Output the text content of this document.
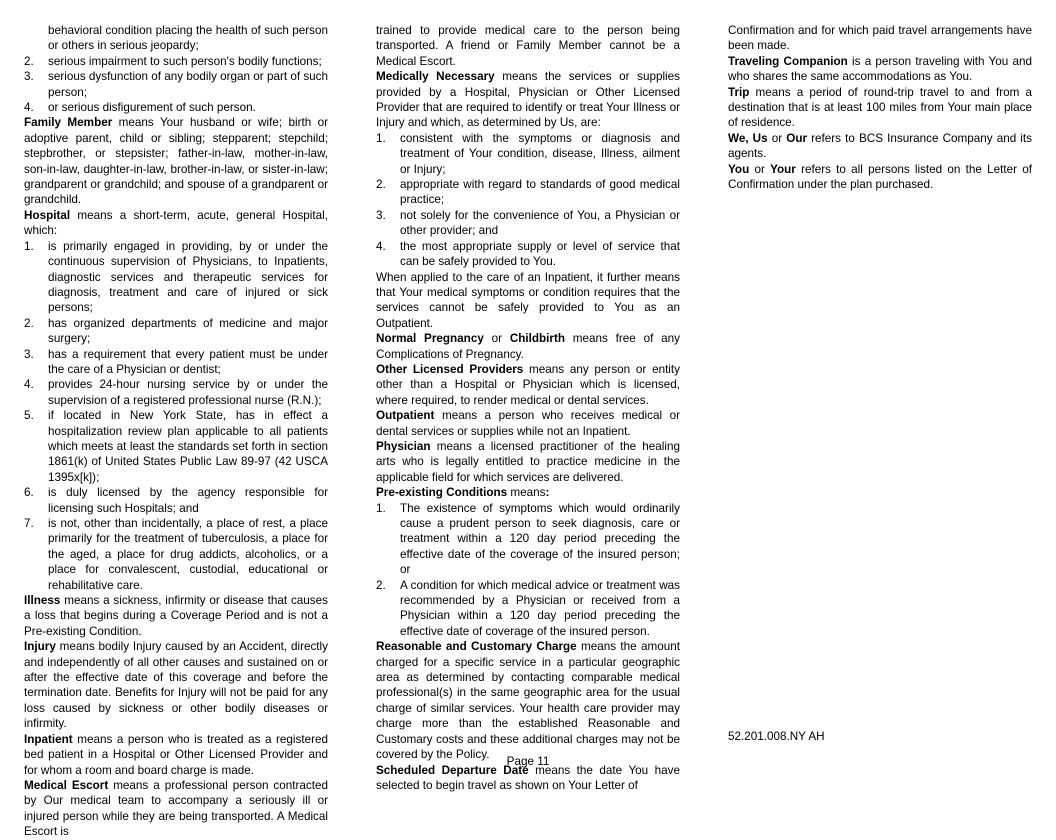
behavioral condition placing the health of such person or others in serious jeopardy;

2.	serious impairment to such person's bodily functions;
3.	serious dysfunction of any bodily organ or part of such person;
4.	or serious disfigurement of such person.

Family Member means Your husband or wife; birth or adoptive parent, child or sibling; stepparent; stepchild; stepbrother, or stepsister; father-in-law, mother-in-law, son-in-law, daughter-in-law, brother-in-law, or sister-in-law; grandparent or grandchild; and spouse of a grandparent or grandchild.

Hospital means a short-term, acute, general Hospital, which:

1.	is primarily engaged in providing, by or under the continuous supervision of Physicians, to Inpatients, diagnostic services and therapeutic services for diagnosis, treatment and care of injured or sick persons;
2.	has organized departments of medicine and major surgery;
3.	has a requirement that every patient must be under the care of a Physician or dentist;
4.	provides 24-hour nursing service by or under the supervision of a registered professional nurse (R.N.);
5.	if located in New York State, has in effect a hospitalization review plan applicable to all patients which meets at least the standards set forth in section 1861(k) of United States Public Law 89-97 (42 USCA 1395x[k]);
6.	is duly licensed by the agency responsible for licensing such Hospitals; and
7.	is not, other than incidentally, a place of rest, a place primarily for the treatment of tuberculosis, a place for the aged, a place for drug addicts, alcoholics, or a place for convalescent, custodial, educational or rehabilitative care.

Illness means a sickness, infirmity or disease that causes a loss that begins during a Coverage Period and is not a Pre-existing Condition.

Injury means bodily Injury caused by an Accident, directly and independently of all other causes and sustained on or after the effective date of this coverage and before the termination date. Benefits for Injury will not be paid for any loss caused by sickness or other bodily diseases or infirmity.

Inpatient means a person who is treated as a registered bed patient in a Hospital or Other Licensed Provider and for whom a room and board charge is made.

Medical Escort means a professional person contracted by Our medical team to accompany a seriously ill or injured person while they are being transported. A Medical Escort is

trained to provide medical care to the person being transported. A friend or Family Member cannot be a Medical Escort.

Medically Necessary means the services or supplies provided by a Hospital, Physician or Other Licensed Provider that are required to identify or treat Your Illness or Injury and which, as determined by Us, are:

1.	consistent with the symptoms or diagnosis and treatment of Your condition, disease, Illness, ailment or Injury;
2.	appropriate with regard to standards of good medical practice;
3.	not solely for the convenience of You, a Physician or other provider; and
4.	the most appropriate supply or level of service that can be safely provided to You.

When applied to the care of an Inpatient, it further means that Your medical symptoms or condition requires that the services cannot be safely provided to You as an Outpatient.

Normal Pregnancy or Childbirth means free of any Complications of Pregnancy.

Other Licensed Providers means any person or entity other than a Hospital or Physician which is licensed, where required, to render medical or dental services.

Outpatient means a person who receives medical or dental services or supplies while not an Inpatient.

Physician means a licensed practitioner of the healing arts who is legally entitled to practice medicine in the applicable field for which services are delivered.

Pre-existing Conditions means:

1.	The existence of symptoms which would ordinarily cause a prudent person to seek diagnosis, care or treatment within a 120 day period preceding the effective date of the coverage of the insured person; or
2.	A condition for which medical advice or treatment was recommended by a Physician or received from a Physician within a 120 day period preceding the effective date of coverage of the insured person.

Reasonable and Customary Charge means the amount charged for a specific service in a particular geographic area as determined by contacting comparable medical professional(s) in the same geographic area for the usual charge of similar services. Your health care provider may charge more than the established Reasonable and Customary costs and these additional charges may not be covered by the Policy.

Scheduled Departure Date means the date You have selected to begin travel as shown on Your Letter of

Confirmation and for which paid travel arrangements have been made.

Traveling Companion is a person traveling with You and who shares the same accommodations as You.

Trip means a period of round-trip travel to and from a destination that is at least 100 miles from Your main place of residence.

We, Us or Our refers to BCS Insurance Company and its agents.

You or Your refers to all persons listed on the Letter of Confirmation under the plan purchased.

52.201.008.NY AH
Page 11
